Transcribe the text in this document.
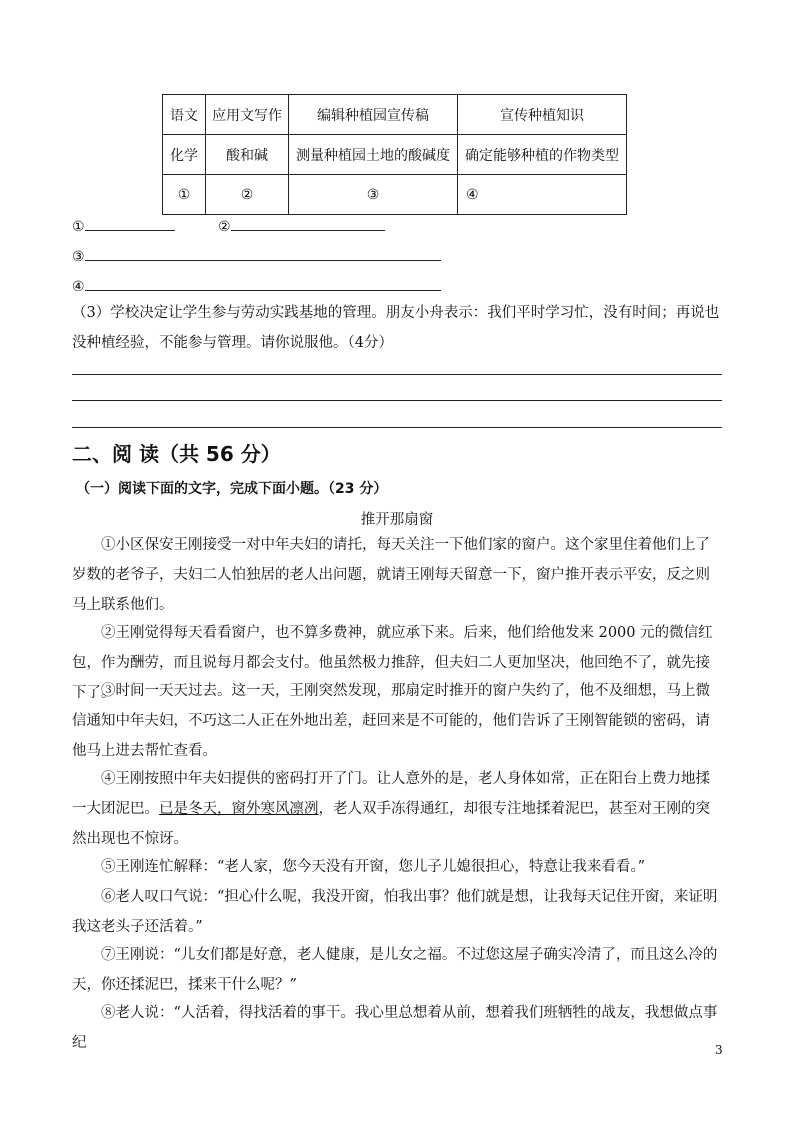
语文	应用文写作	编辑种植园宣传稿	宣传种植知识
化学	酸和碱	测量种植园土地的酸碱度	确定能够种植的作物类型
①	②	③	④
①	②
③
④
（3）学校决定让学生参与劳动实践基地的管理。朋友小舟表示：我们平时学习忙，没有时间；再说也没种植经验，不能参与管理。请你说服他。（4分）
二、阅 读（共 56 分）
（一）阅读下面的文字，完成下面小题。（23 分）
推开那扇窗
①小区保安王刚接受一对中年夫妇的请托，每天关注一下他们家的窗户。这个家里住着他们上了岁数的老爷子，夫妇二人怕独居的老人出问题，就请王刚每天留意一下，窗户推开表示平安，反之则马上联系他们。
②王刚觉得每天看看窗户，也不算多费神，就应承下来。后来，他们给他发来 2000 元的微信红包，作为酬劳，而且说每月都会支付。他虽然极力推辞，但夫妇二人更加坚决，他回绝不了，就先接下了。
③时间一天天过去。这一天，王刚突然发现，那扇定时推开的窗户失约了，他不及细想，马上微信通知中年夫妇，不巧这二人正在外地出差，赶回来是不可能的，他们告诉了王刚智能锁的密码，请他马上进去帮忙查看。
④王刚按照中年夫妇提供的密码打开了门。让人意外的是，老人身体如常，正在阳台上费力地揉一大团泥巴。已是冬天，窗外寒风凛冽，老人双手冻得通红，却很专注地揉着泥巴，甚至对王刚的突然出现也不惊讶。
⑤王刚连忙解释：“老人家，您今天没有开窗，您儿子儿媳很担心，特意让我来看看。”
⑥老人叹口气说：“担心什么呢，我没开窗，怕我出事？他们就是想，让我每天记住开窗，来证明我这老头子还活着。”
⑦王刚说：“儿女们都是好意，老人健康，是儿女之福。不过您这屋子确实冷清了，而且这么冷的天，你还揉泥巴，揉来干什么呢？”
⑧老人说：“人活着，得找活着的事干。我心里总想着从前，想着我们班牺牲的战友，我想做点事纪	3
